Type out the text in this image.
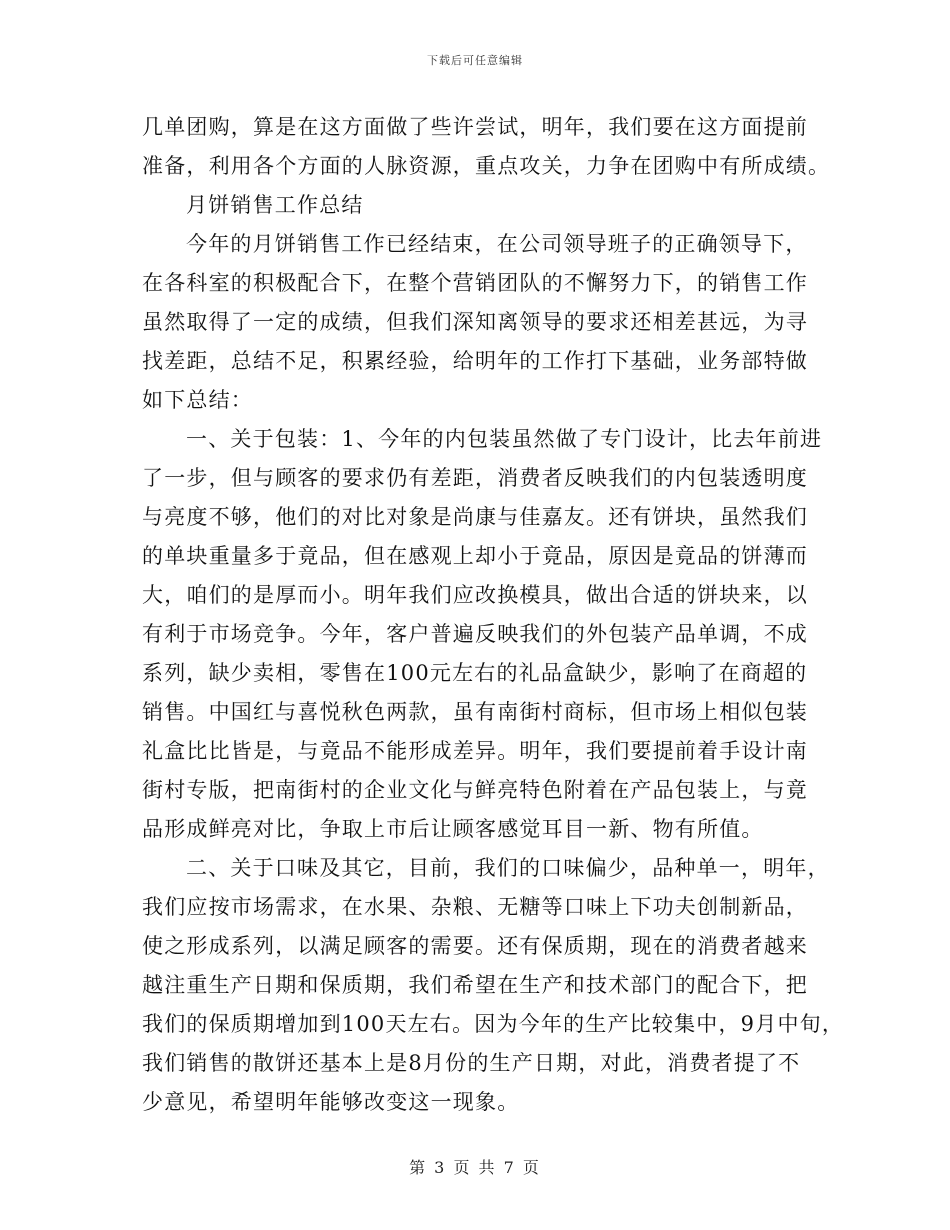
下载后可任意编辑
几单团购，算是在这方面做了些许尝试，明年，我们要在这方面提前
准备，利用各个方面的人脉资源，重点攻关，力争在团购中有所成绩。
月饼销售工作总结
今年的月饼销售工作已经结束，在公司领导班子的正确领导下，
在各科室的积极配合下，在整个营销团队的不懈努力下，的销售工作
虽然取得了一定的成绩，但我们深知离领导的要求还相差甚远，为寻
找差距，总结不足，积累经验，给明年的工作打下基础，业务部特做
如下总结：
一、关于包装：1、今年的内包装虽然做了专门设计，比去年前进
了一步，但与顾客的要求仍有差距，消费者反映我们的内包装透明度
与亮度不够，他们的对比对象是尚康与佳嘉友。还有饼块，虽然我们
的单块重量多于竟品，但在感观上却小于竟品，原因是竟品的饼薄而
大，咱们的是厚而小。明年我们应改换模具，做出合适的饼块来，以
有利于市场竞争。今年，客户普遍反映我们的外包装产品单调，不成
系列，缺少卖相，零售在100元左右的礼品盒缺少，影响了在商超的
销售。中国红与喜悦秋色两款，虽有南街村商标，但市场上相似包装
礼盒比比皆是，与竟品不能形成差异。明年，我们要提前着手设计南
街村专版，把南街村的企业文化与鲜亮特色附着在产品包装上，与竟
品形成鲜亮对比，争取上市后让顾客感觉耳目一新、物有所值。
二、关于口味及其它，目前，我们的口味偏少，品种单一，明年，
我们应按市场需求，在水果、杂粮、无糖等口味上下功夫创制新品，
使之形成系列，以满足顾客的需要。还有保质期，现在的消费者越来
越注重生产日期和保质期，我们希望在生产和技术部门的配合下，把
我们的保质期增加到100天左右。因为今年的生产比较集中，9月中旬，
我们销售的散饼还基本上是8月份的生产日期，对此，消费者提了不
少意见，希望明年能够改变这一现象。
第 3 页 共 7 页
